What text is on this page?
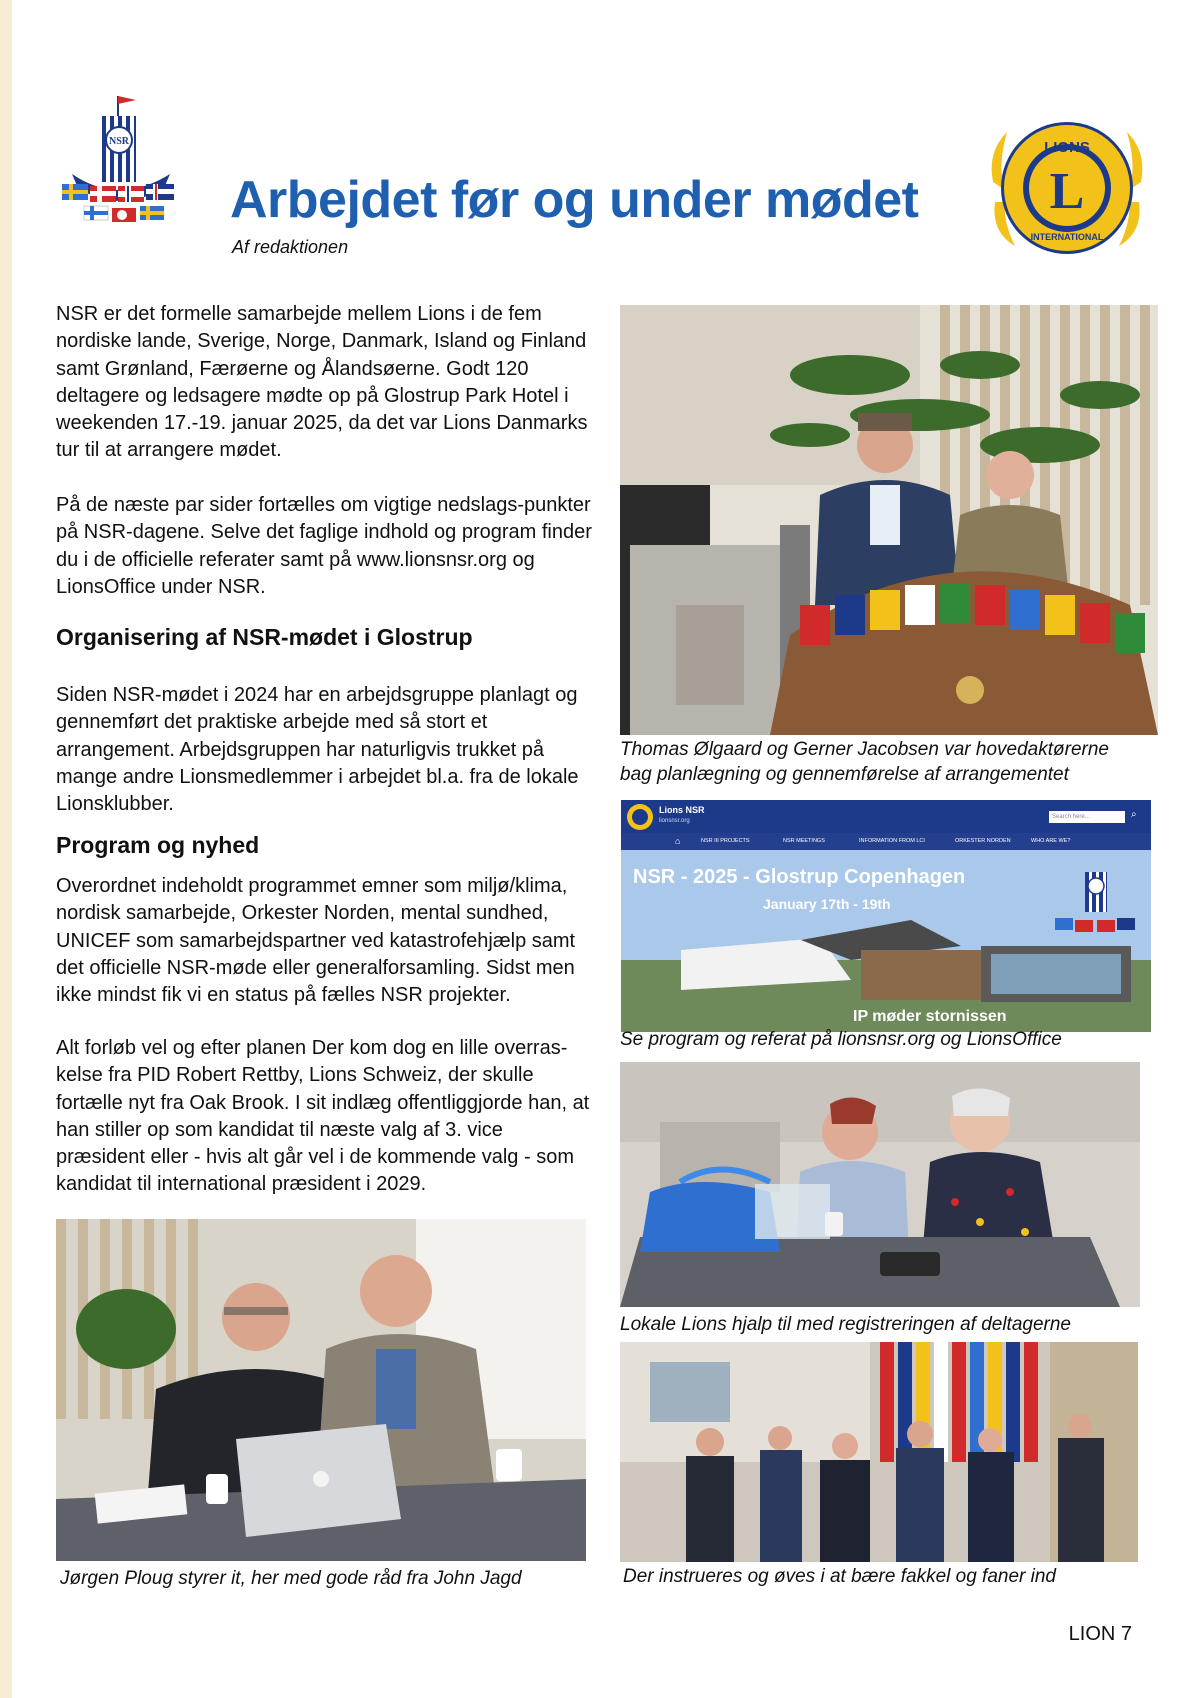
NSR
Arbejdet før og under mødet
Af redaktionen
LIONS
L
INTERNATIONAL

NSR er det formelle samarbejde mellem Lions i de fem nordiske lande, Sverige, Norge, Danmark, Island og Finland samt Grønland, Færøerne og Ålandsøerne. Godt 120 deltagere og ledsagere mødte op på Glostrup Park Hotel i weekenden 17.-19. januar 2025, da det var Lions Danmarks tur til at arrangere mødet.

På de næste par sider fortælles om vigtige nedslags-punkter på NSR-dagene. Selve det faglige indhold og program finder du i de officielle referater samt på www.lionsnsr.org og LionsOffice under NSR.

Organisering af NSR-mødet i Glostrup

Siden NSR-mødet i 2024 har en arbejdsgruppe planlagt og gennemført det praktiske arbejde med så stort et arrangement. Arbejdsgruppen har naturligvis trukket på mange andre Lionsmedlemmer i arbejdet bl.a. fra de lokale Lionsklubber.

Program og nyhed

Overordnet indeholdt programmet emner som miljø/klima, nordisk samarbejde, Orkester Norden, mental sundhed, UNICEF som samarbejdspartner ved katastrofehjælp samt det officielle NSR-møde eller generalforsamling. Sidst men ikke mindst fik vi en status på fælles NSR projekter.

Alt forløb vel og efter planen Der kom dog en lille overras-kelse fra PID Robert Rettby, Lions Schweiz, der skulle fortælle nyt fra Oak Brook. I sit indlæg offentliggjorde han, at han stiller op som kandidat til næste valg af 3. vice præsident eller - hvis alt går vel i de kommende valg - som kandidat til international præsident i 2029.

Thomas Ølgaard og Gerner Jacobsen var hovedaktørerne
bag planlægning og gennemførelse af arrangementet
Lions NSR
lionsnsr.org
Search here...	⌕
⌂	NSR III PROJECTS	NSR MEETINGS	INFORMATION FROM LCI	ORKESTER NORDEN	WHO ARE WE?
NSR - 2025 - Glostrup Copenhagen
January 17th - 19th
IP møder stornissen
Se program og referat på lionsnsr.org og LionsOffice
Lokale Lions hjalp til med registreringen af deltagerne
Der instrueres og øves i at bære fakkel og faner ind
Jørgen Ploug styrer it, her med gode råd fra John Jagd
LION 7
